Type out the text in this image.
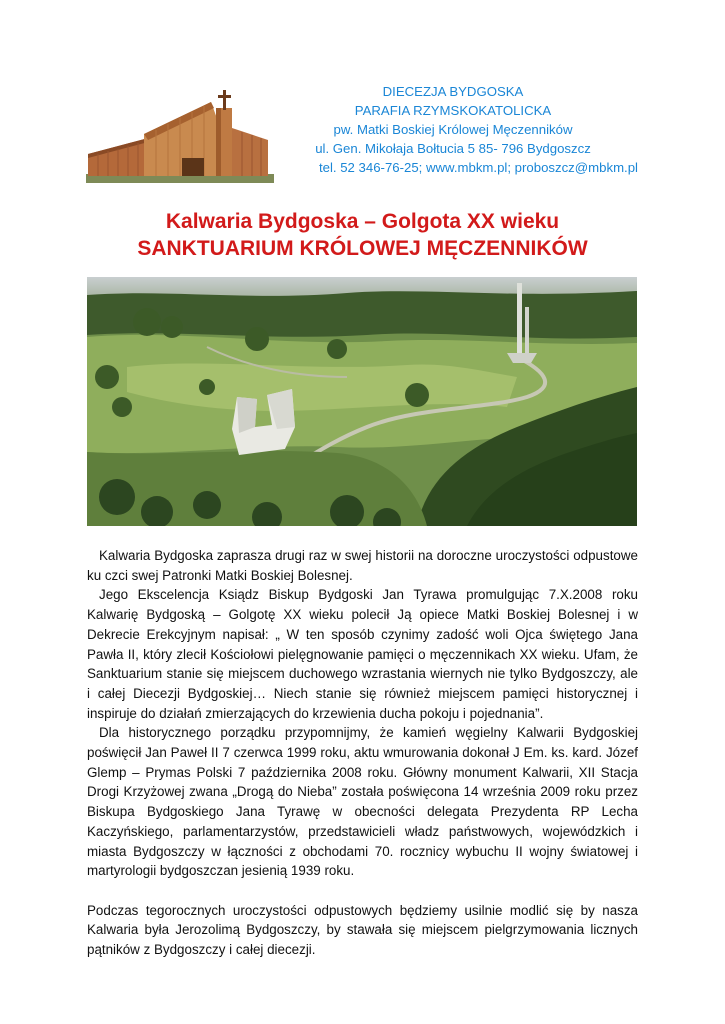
DIECEZJA BYDGOSKA
PARAFIA RZYMSKOKATOLICKA
pw. Matki Boskiej Królowej Męczenników
ul. Gen. Mikołaja Bołtucia 5 85- 796 Bydgoszcz
tel. 52 346-76-25; www.mbkm.pl; proboszcz@mbkm.pl
Kalwaria Bydgoska – Golgota XX wieku
SANKTUARIUM KRÓLOWEJ MĘCZENNIKÓW

Kalwaria Bydgoska zaprasza drugi raz w swej historii na doroczne uroczystości odpustowe ku czci swej Patronki Matki Boskiej Bolesnej.

Jego Ekscelencja Ksiądz Biskup Bydgoski Jan Tyrawa promulgując 7.X.2008 roku Kalwarię Bydgoską – Golgotę XX wieku polecił Ją opiece Matki Boskiej Bolesnej i w Dekrecie Erekcyjnym napisał: „ W ten sposób czynimy zadość woli Ojca świętego Jana Pawła II, który zlecił Kościołowi pielęgnowanie pamięci o męczennikach XX wieku. Ufam, że Sanktuarium stanie się miejscem duchowego wzrastania wiernych nie tylko Bydgoszczy, ale i całej Diecezji Bydgoskiej… Niech stanie się również miejscem pamięci historycznej i inspiruje do działań zmierzających do krzewienia ducha pokoju i pojednania”.

Dla historycznego porządku przypomnijmy, że kamień węgielny Kalwarii Bydgoskiej poświęcił Jan Paweł II 7 czerwca 1999 roku, aktu wmurowania dokonał J Em. ks. kard. Józef Glemp – Prymas Polski 7 października 2008 roku. Główny monument Kalwarii, XII Stacja Drogi Krzyżowej zwana „Drogą do Nieba” została poświęcona 14 września 2009 roku przez Biskupa Bydgoskiego Jana Tyrawę w obecności delegata Prezydenta RP Lecha Kaczyńskiego, parlamentarzystów, przedstawicieli władz państwowych, wojewódzkich i miasta Bydgoszczy w łączności z obchodami 70. rocznicy wybuchu II wojny światowej i martyrologii bydgoszczan jesienią 1939 roku.

Podczas tegorocznych uroczystości odpustowych będziemy usilnie modlić się by nasza Kalwaria była Jerozolimą Bydgoszczy, by stawała się miejscem pielgrzymowania licznych pątników z Bydgoszczy i całej diecezji.
